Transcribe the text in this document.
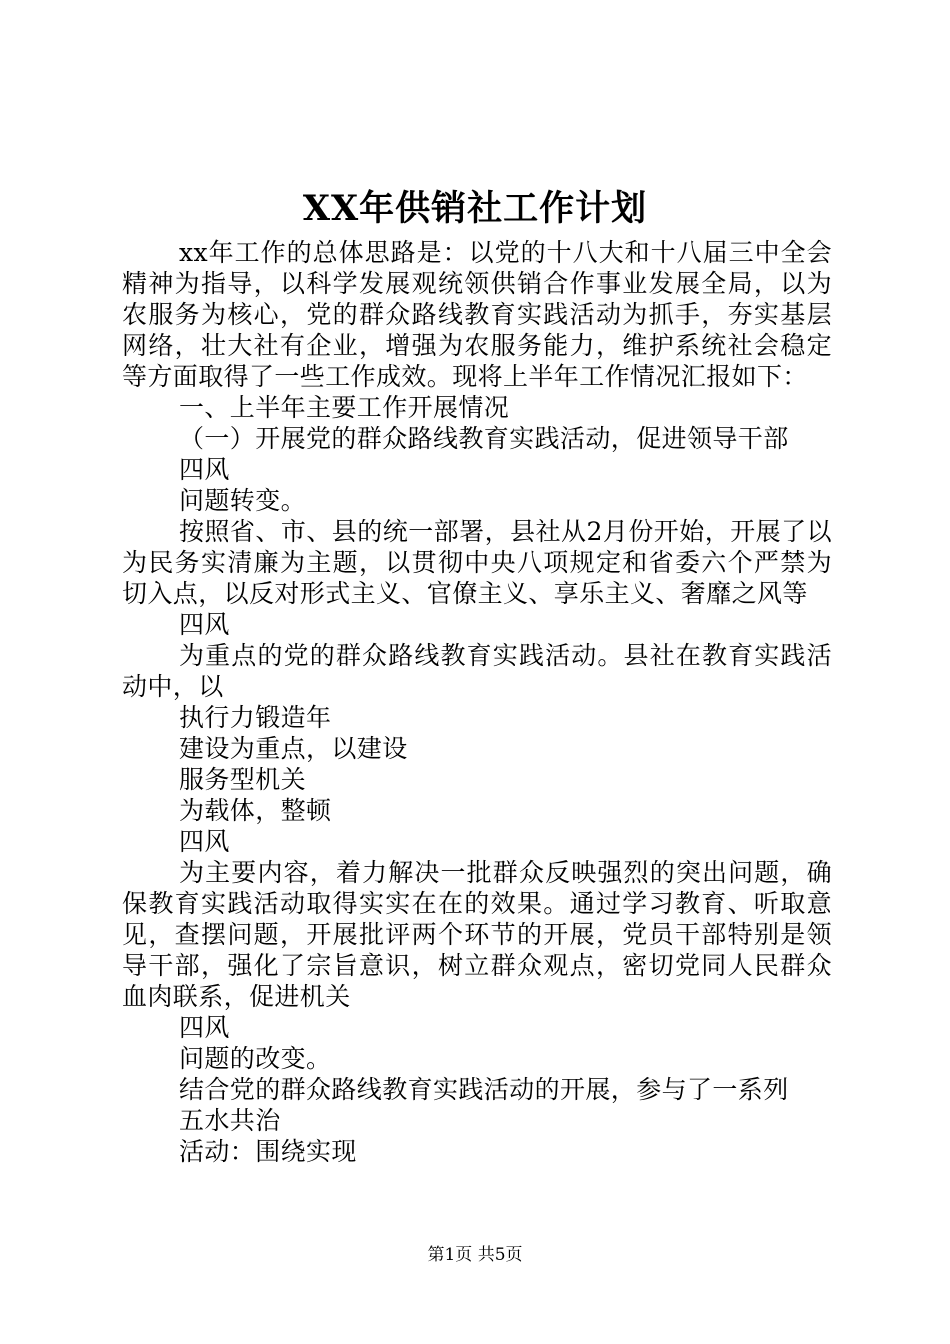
XX年供销社工作计划

xx年工作的总体思路是：以党的十八大和十八届三中全会精神为指导，以科学发展观统领供销合作事业发展全局，以为农服务为核心，党的群众路线教育实践活动为抓手，夯实基层网络，壮大社有企业，增强为农服务能力，维护系统社会稳定等方面取得了一些工作成效。现将上半年工作情况汇报如下：

一、上半年主要工作开展情况

（一）开展党的群众路线教育实践活动，促进领导干部

四风

问题转变。

按照省、市、县的统一部署，县社从2月份开始，开展了以为民务实清廉为主题，以贯彻中央八项规定和省委六个严禁为切入点，以反对形式主义、官僚主义、享乐主义、奢靡之风等

四风

为重点的党的群众路线教育实践活动。县社在教育实践活动中，以

执行力锻造年

建设为重点，以建设

服务型机关

为载体，整顿

四风

为主要内容，着力解决一批群众反映强烈的突出问题，确保教育实践活动取得实实在在的效果。通过学习教育、听取意见，查摆问题，开展批评两个环节的开展，党员干部特别是领导干部，强化了宗旨意识，树立群众观点，密切党同人民群众血肉联系，促进机关

四风

问题的改变。

结合党的群众路线教育实践活动的开展，参与了一系列

五水共治

活动：围绕实现

第1页 共5页
